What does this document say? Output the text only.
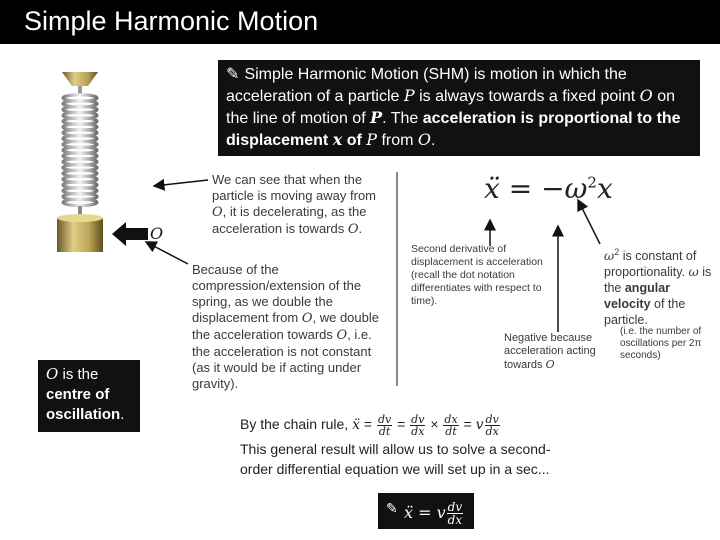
Simple Harmonic Motion
O
✎ Simple Harmonic Motion (SHM) is motion in which the acceleration of a particle P is always towards a fixed point O on the line of motion of P. The acceleration is proportional to the displacement x of P from O.
We can see that when the particle is moving away from O, it is decelerating, as the acceleration is towards O.
Because of the compression/extension of the spring, as we double the displacement from O, we double the acceleration towards O, i.e. the acceleration is not constant (as it would be if acting under gravity).
ẍ = $-\omega^2x$
Second derivative of displacement is acceleration (recall the dot notation differentiates with respect to time).
Negative because acceleration acting towards O
$\omega^2$ is constant of proportionality. ω is the angular velocity of the particle.
(i.e. the number of oscillations per 2π seconds)
O is the centre of oscillation.
By the chain rule, ẍ = $\frac{dv}{dt} = \frac{dv}{dx} \times \frac{dx}{dt} = v \frac{dv}{dx}$
This general result will allow us to solve a second-order differential equation we will set up in a sec...
✎ ẍ = v $\frac{dv}{dx}$
